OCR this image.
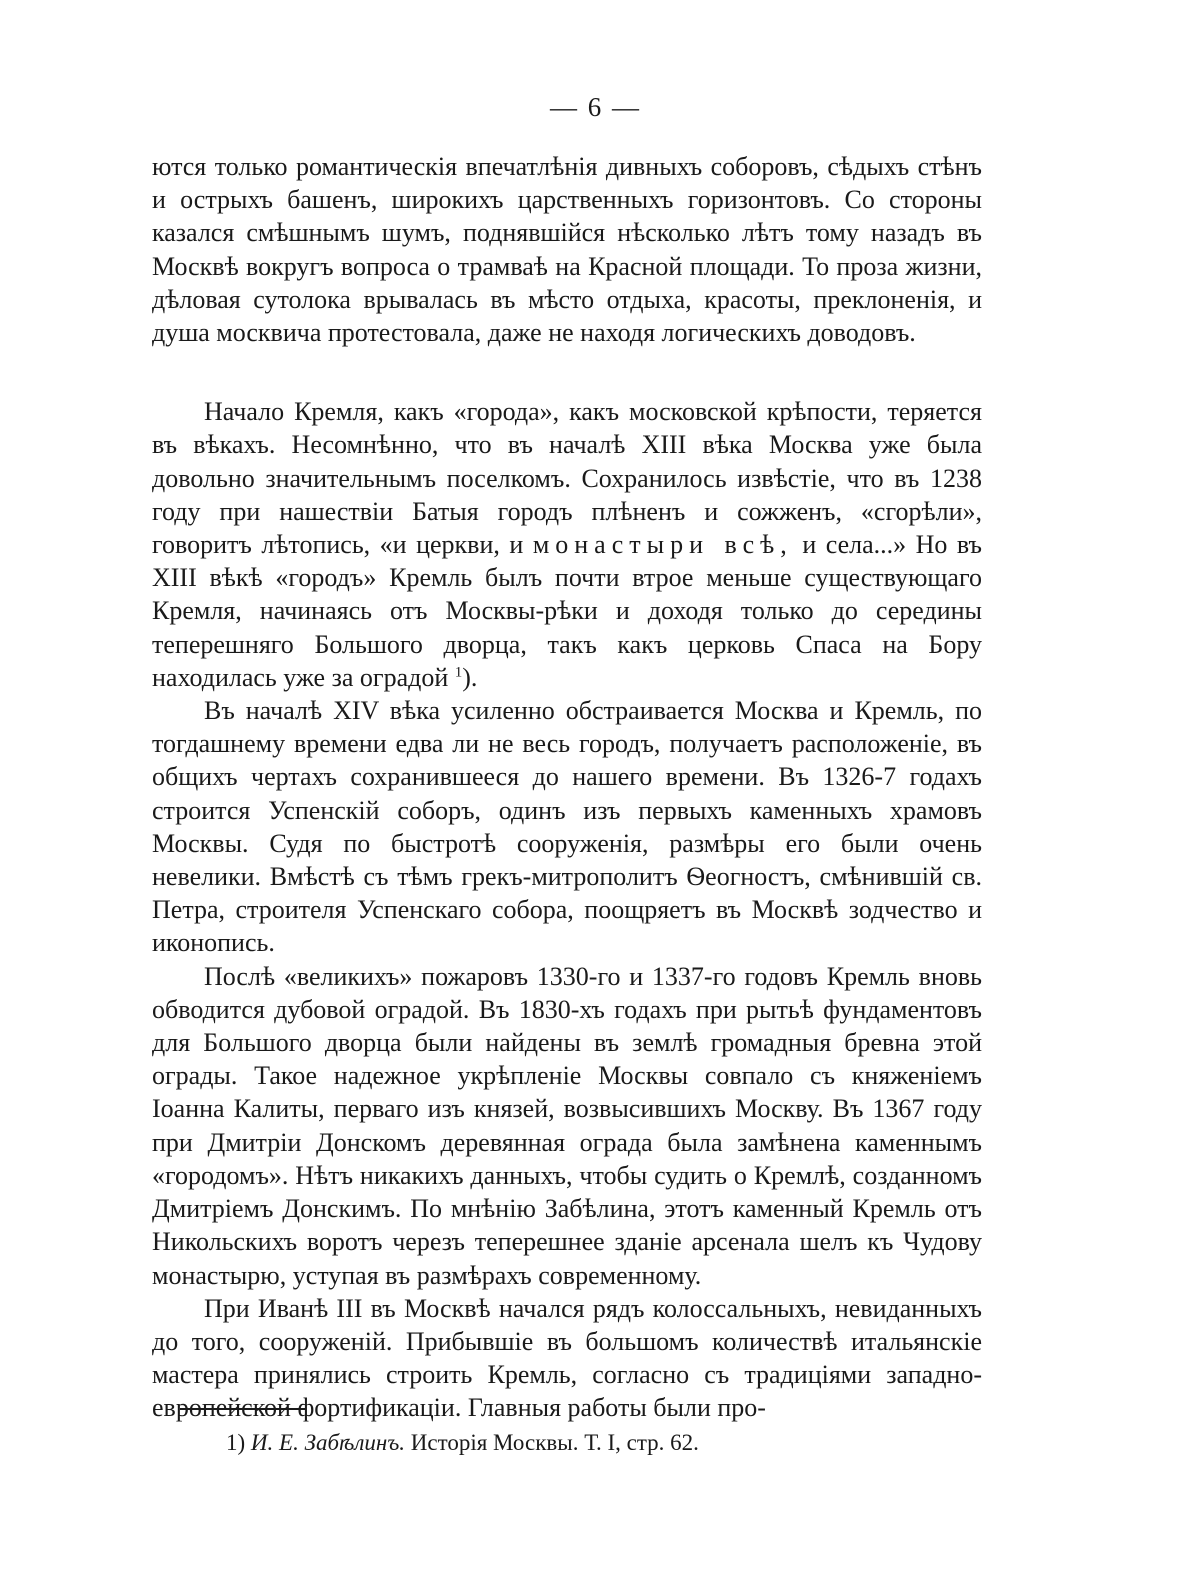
— 6 —

ются только романтическія впечатлѣнія дивныхъ соборовъ, сѣдыхъ стѣнъ и острыхъ башенъ, широкихъ царственныхъ горизонтовъ. Со стороны казался смѣшнымъ шумъ, поднявшійся нѣсколько лѣтъ тому назадъ въ Москвѣ вокругъ вопроса о трамваѣ на Красной площади. То проза жизни, дѣловая сутолока врывалась въ мѣсто отдыха, красоты, преклоненія, и душа москвича протестовала, даже не находя логическихъ доводовъ.

Начало Кремля, какъ «города», какъ московской крѣпости, теряется въ вѣкахъ. Несомнѣнно, что въ началѣ XIII вѣка Москва уже была довольно значительнымъ поселкомъ. Сохранилось извѣстіе, что въ 1238 году при нашествіи Батыя городъ плѣненъ и сожженъ, «сгорѣли», говоритъ лѣтопись, «и церкви, и монастыри всѣ, и села...» Но въ XIII вѣкѣ «городъ» Кремль былъ почти втрое меньше существующаго Кремля, начинаясь отъ Москвы-рѣки и доходя только до середины теперешняго Большого дворца, такъ какъ церковь Спаса на Бору находилась уже за оградой $^1$).

Въ началѣ XIV вѣка усиленно обстраивается Москва и Кремль, по тогдашнему времени едва ли не весь городъ, получаетъ расположеніе, въ общихъ чертахъ сохранившееся до нашего времени. Въ 1326-7 годахъ строится Успенскій соборъ, одинъ изъ первыхъ каменныхъ храмовъ Москвы. Судя по быстротѣ сооруженія, размѣры его были очень невелики. Вмѣстѣ съ тѣмъ грекъ-митрополитъ Ѳеогностъ, смѣнившій св. Петра, строителя Успенскаго собора, поощряетъ въ Москвѣ зодчество и иконопись.

Послѣ «великихъ» пожаровъ 1330-го и 1337-го годовъ Кремль вновь обводится дубовой оградой. Въ 1830-хъ годахъ при рытьѣ фундаментовъ для Большого дворца были найдены въ землѣ громадныя бревна этой ограды. Такое надежное укрѣпленіе Москвы совпало съ княженіемъ Іоанна Калиты, перваго изъ князей, возвысившихъ Москву. Въ 1367 году при Дмитріи Донскомъ деревянная ограда была замѣнена каменнымъ «городомъ». Нѣтъ никакихъ данныхъ, чтобы судить о Кремлѣ, созданномъ Дмитріемъ Донскимъ. По мнѣнію Забѣлина, этотъ каменный Кремль отъ Никольскихъ воротъ черезъ теперешнее зданіе арсенала шелъ къ Чудову монастырю, уступая въ размѣрахъ современному.

При Иванѣ III въ Москвѣ начался рядъ колоссальныхъ, невиданныхъ до того, сооруженій. Прибывшіе въ большомъ количествѣ итальянскіе мастера принялись строить Кремль, согласно съ традиціями западно-европейской фортификаціи. Главныя работы были про-

1) И. Е. Забѣлинъ. Исторія Москвы. Т. I, стр. 62.
